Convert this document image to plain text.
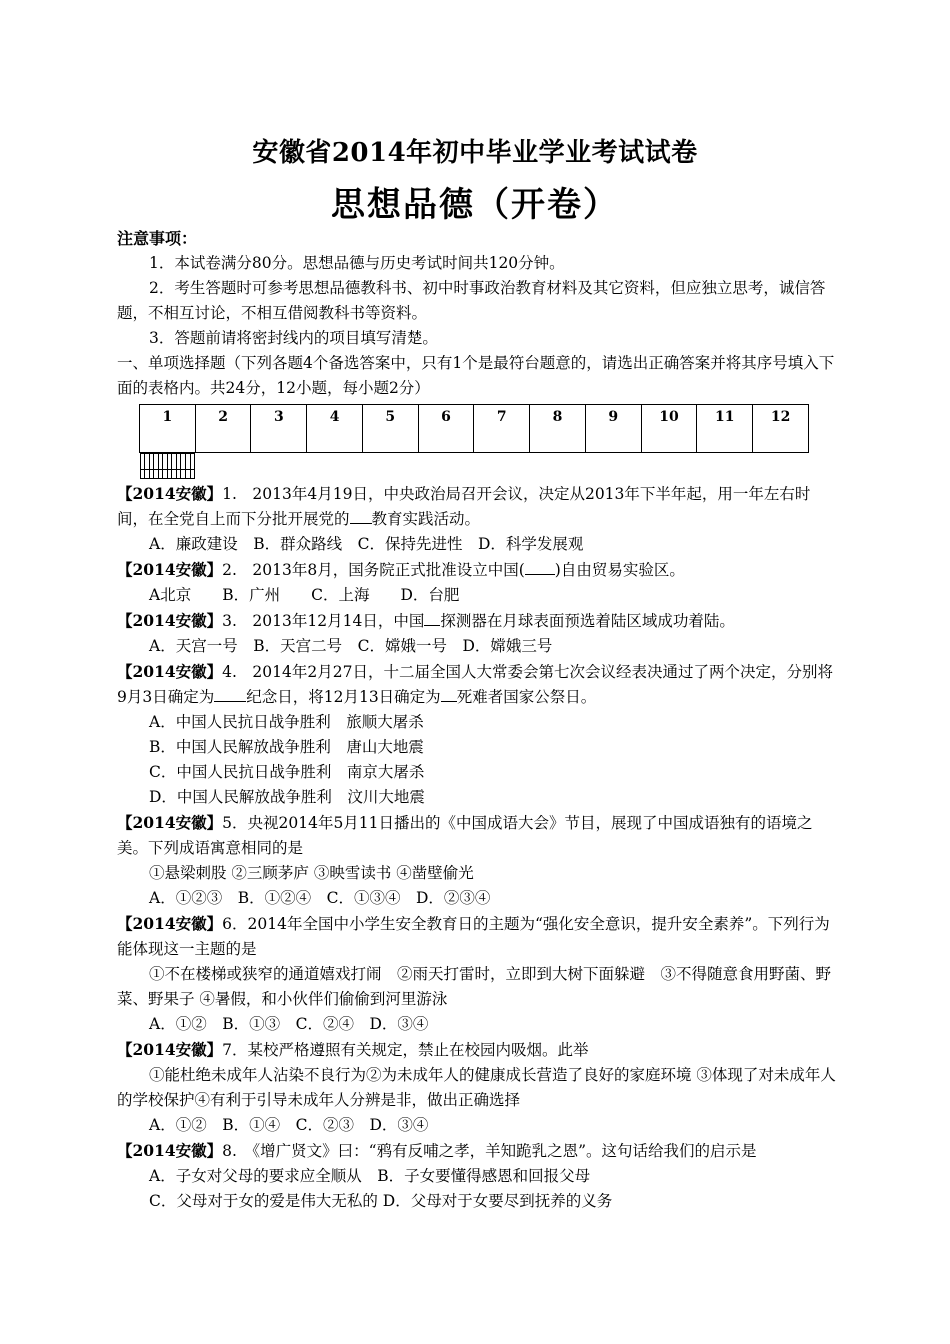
安徽省2014年初中毕业学业考试试卷
思想品德（开卷）

注意事项：

1．本试卷满分80分。思想品德与历史考试时间共120分钟。

2．考生答题时可参考思想品德教科书、初中时事政治教育材料及其它资料，但应独立思考，诚信答题，不相互讨论，不相互借阅教科书等资料。

3．答题前请将密封线内的项目填写清楚。

一、单项选择题（下列各题4个备选答案中，只有1个是最符台题意的，请选出正确答案并将其序号填入下面的表格内。共24分，12小题，每小题2分）

1	2	3	4	5	6	7	8	9	10	11	12

【2014安徽】1.　2013年4月19日，中央政治局召开会议，决定从2013年下半年起，用一年左右时间，在全党自上而下分批开展党的 教育实践活动。

A．廉政建设　B．群众路线　C．保持先进性　D．科学发展观

【2014安徽】2.　2013年8月，国务院正式批准设立中国( )自由贸易实验区。

A北京　　B．广州　　C．上海　　D．台肥

【2014安徽】3.　2013年12月14日，中国 探测器在月球表面预选着陆区域成功着陆。

A．天宫一号　B．天宫二号　C．嫦娥一号　D．嫦娥三号

【2014安徽】4.　2014年2月27日，十二届全国人大常委会第七次会议经表决通过了两个决定，分别将9月3日确定为 纪念日，将12月13日确定为 死难者国家公祭日。

A．中国人民抗日战争胜利　旅顺大屠杀

B．中国人民解放战争胜利　唐山大地震

C．中国人民抗日战争胜利　南京大屠杀

D．中国人民解放战争胜利　汶川大地震

【2014安徽】5．央视2014年5月11日播出的《中国成语大会》节目，展现了中国成语独有的语境之美。下列成语寓意相同的是

①悬梁刺股 ②三顾茅庐 ③映雪读书 ④凿壁偷光

A．①②③　B．①②④　C．①③④　D．②③④

【2014安徽】6．2014年全国中小学生安全教育日的主题为“强化安全意识，提升安全素养”。下列行为能体现这一主题的是

①不在楼梯或狭窄的通道嬉戏打闹　②雨天打雷时，立即到大树下面躲避　③不得随意食用野菌、野菜、野果子 ④暑假，和小伙伴们偷偷到河里游泳

A．①②　B．①③　C．②④　D．③④

【2014安徽】7．某校严格遵照有关规定，禁止在校园内吸烟。此举

①能杜绝未成年人沾染不良行为②为未成年人的健康成长营造了良好的家庭环境 ③体现了对未成年人的学校保护④有利于引导未成年人分辨是非，做出正确选择

A．①②　B．①④　C．②③　D．③④

【2014安徽】8.　《增广贤文》曰：“鸦有反哺之孝，羊知跪乳之恩”。这句话给我们的启示是

A．子女对父母的要求应全顺从　B．子女要懂得感恩和回报父母

C．父母对于女的爱是伟大无私的 D．父母对于女要尽到抚养的义务
